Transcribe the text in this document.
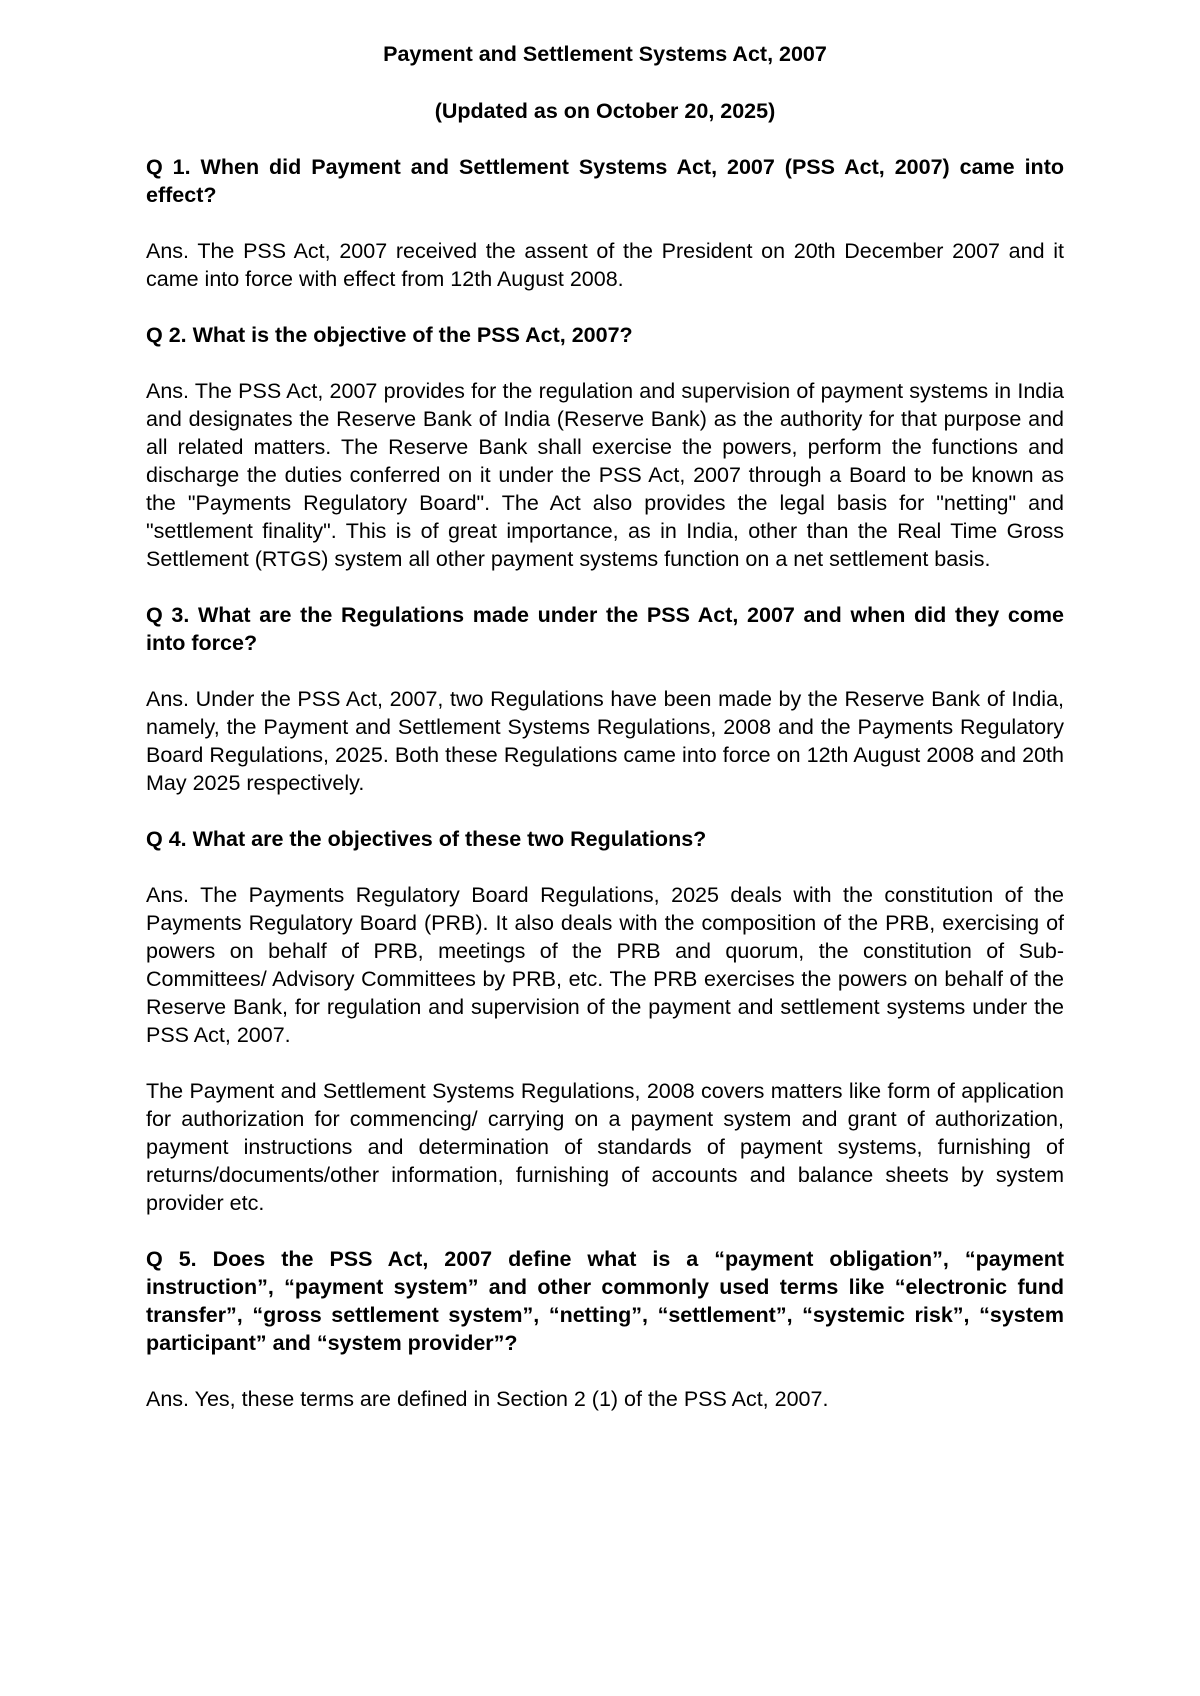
Payment and Settlement Systems Act, 2007

(Updated as on October 20, 2025)

Q 1. When did Payment and Settlement Systems Act, 2007 (PSS Act, 2007) came into effect?

Ans. The PSS Act, 2007 received the assent of the President on 20th December 2007 and it came into force with effect from 12th August 2008.

Q 2. What is the objective of the PSS Act, 2007?

Ans. The PSS Act, 2007 provides for the regulation and supervision of payment systems in India and designates the Reserve Bank of India (Reserve Bank) as the authority for that purpose and all related matters. The Reserve Bank shall exercise the powers, perform the functions and discharge the duties conferred on it under the PSS Act, 2007 through a Board to be known as the "Payments Regulatory Board". The Act also provides the legal basis for "netting" and "settlement finality". This is of great importance, as in India, other than the Real Time Gross Settlement (RTGS) system all other payment systems function on a net settlement basis.

Q 3. What are the Regulations made under the PSS Act, 2007 and when did they come into force?

Ans. Under the PSS Act, 2007, two Regulations have been made by the Reserve Bank of India, namely, the Payment and Settlement Systems Regulations, 2008 and the Payments Regulatory Board Regulations, 2025. Both these Regulations came into force on 12th August 2008 and 20th May 2025 respectively.

Q 4. What are the objectives of these two Regulations?

Ans. The Payments Regulatory Board Regulations, 2025 deals with the constitution of the Payments Regulatory Board (PRB). It also deals with the composition of the PRB, exercising of powers on behalf of PRB, meetings of the PRB and quorum, the constitution of Sub-Committees/ Advisory Committees by PRB, etc. The PRB exercises the powers on behalf of the Reserve Bank, for regulation and supervision of the payment and settlement systems under the PSS Act, 2007.

The Payment and Settlement Systems Regulations, 2008 covers matters like form of application for authorization for commencing/ carrying on a payment system and grant of authorization, payment instructions and determination of standards of payment systems, furnishing of returns/documents/other information, furnishing of accounts and balance sheets by system provider etc.

Q 5. Does the PSS Act, 2007 define what is a “payment obligation”, “payment instruction”, “payment system” and other commonly used terms like “electronic fund transfer”, “gross settlement system”, “netting”, “settlement”, “systemic risk”, “system participant” and “system provider”?

Ans. Yes, these terms are defined in Section 2 (1) of the PSS Act, 2007.
